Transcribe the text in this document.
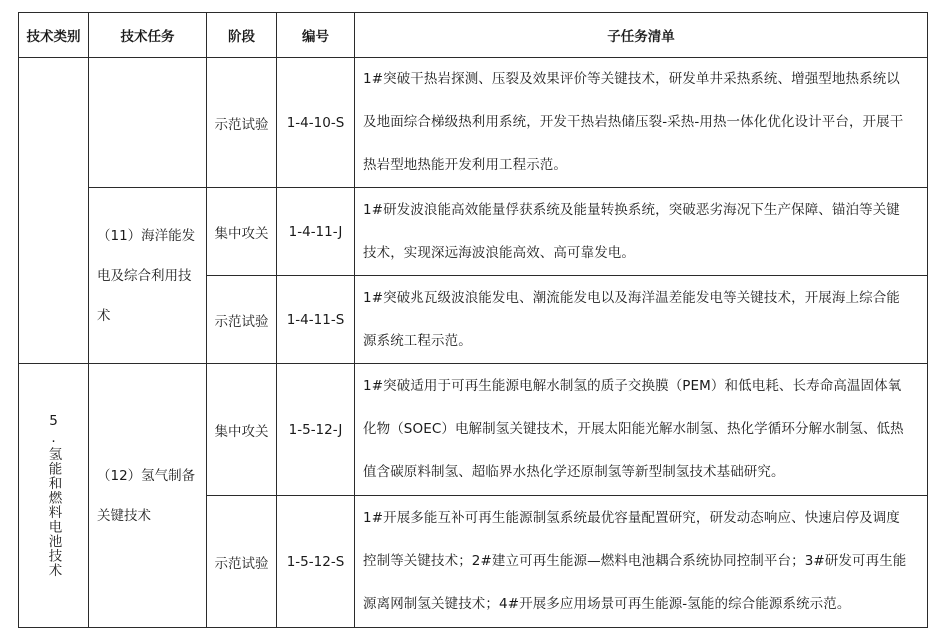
技术类别	技术任务	阶段	编号	子任务清单
		示范试验	1-4-10-S	1#突破干热岩探测、压裂及效果评价等关键技术，研发单井采热系统、增强型地热系统以及地面综合梯级热利用系统，开发干热岩热储压裂-采热-用热一体化优化设计平台，开展干热岩型地热能开发利用工程示范。
	（11）海洋能发电及综合利用技术	集中攻关	1-4-11-J	1#研发波浪能高效能量俘获系统及能量转换系统，突破恶劣海况下生产保障、锚泊等关键技术，实现深远海波浪能高效、高可靠发电。
		示范试验	1-4-11-S	1#突破兆瓦级波浪能发电、潮流能发电以及海洋温差能发电等关键技术，开展海上综合能源系统工程示范。

5.氢能和燃料电池技术	（12）氢气制备关键技术	集中攻关	1-5-12-J	1#突破适用于可再生能源电解水制氢的质子交换膜（PEM）和低电耗、长寿命高温固体氧化物（SOEC）电解制氢关键技术，开展太阳能光解水制氢、热化学循环分解水制氢、低热值含碳原料制氢、超临界水热化学还原制氢等新型制氢技术基础研究。
		示范试验	1-5-12-S	1#开展多能互补可再生能源制氢系统最优容量配置研究，研发动态响应、快速启停及调度控制等关键技术；2#建立可再生能源—燃料电池耦合系统协同控制平台；3#研发可再生能源离网制氢关键技术；4#开展多应用场景可再生能源-氢能的综合能源系统示范。
